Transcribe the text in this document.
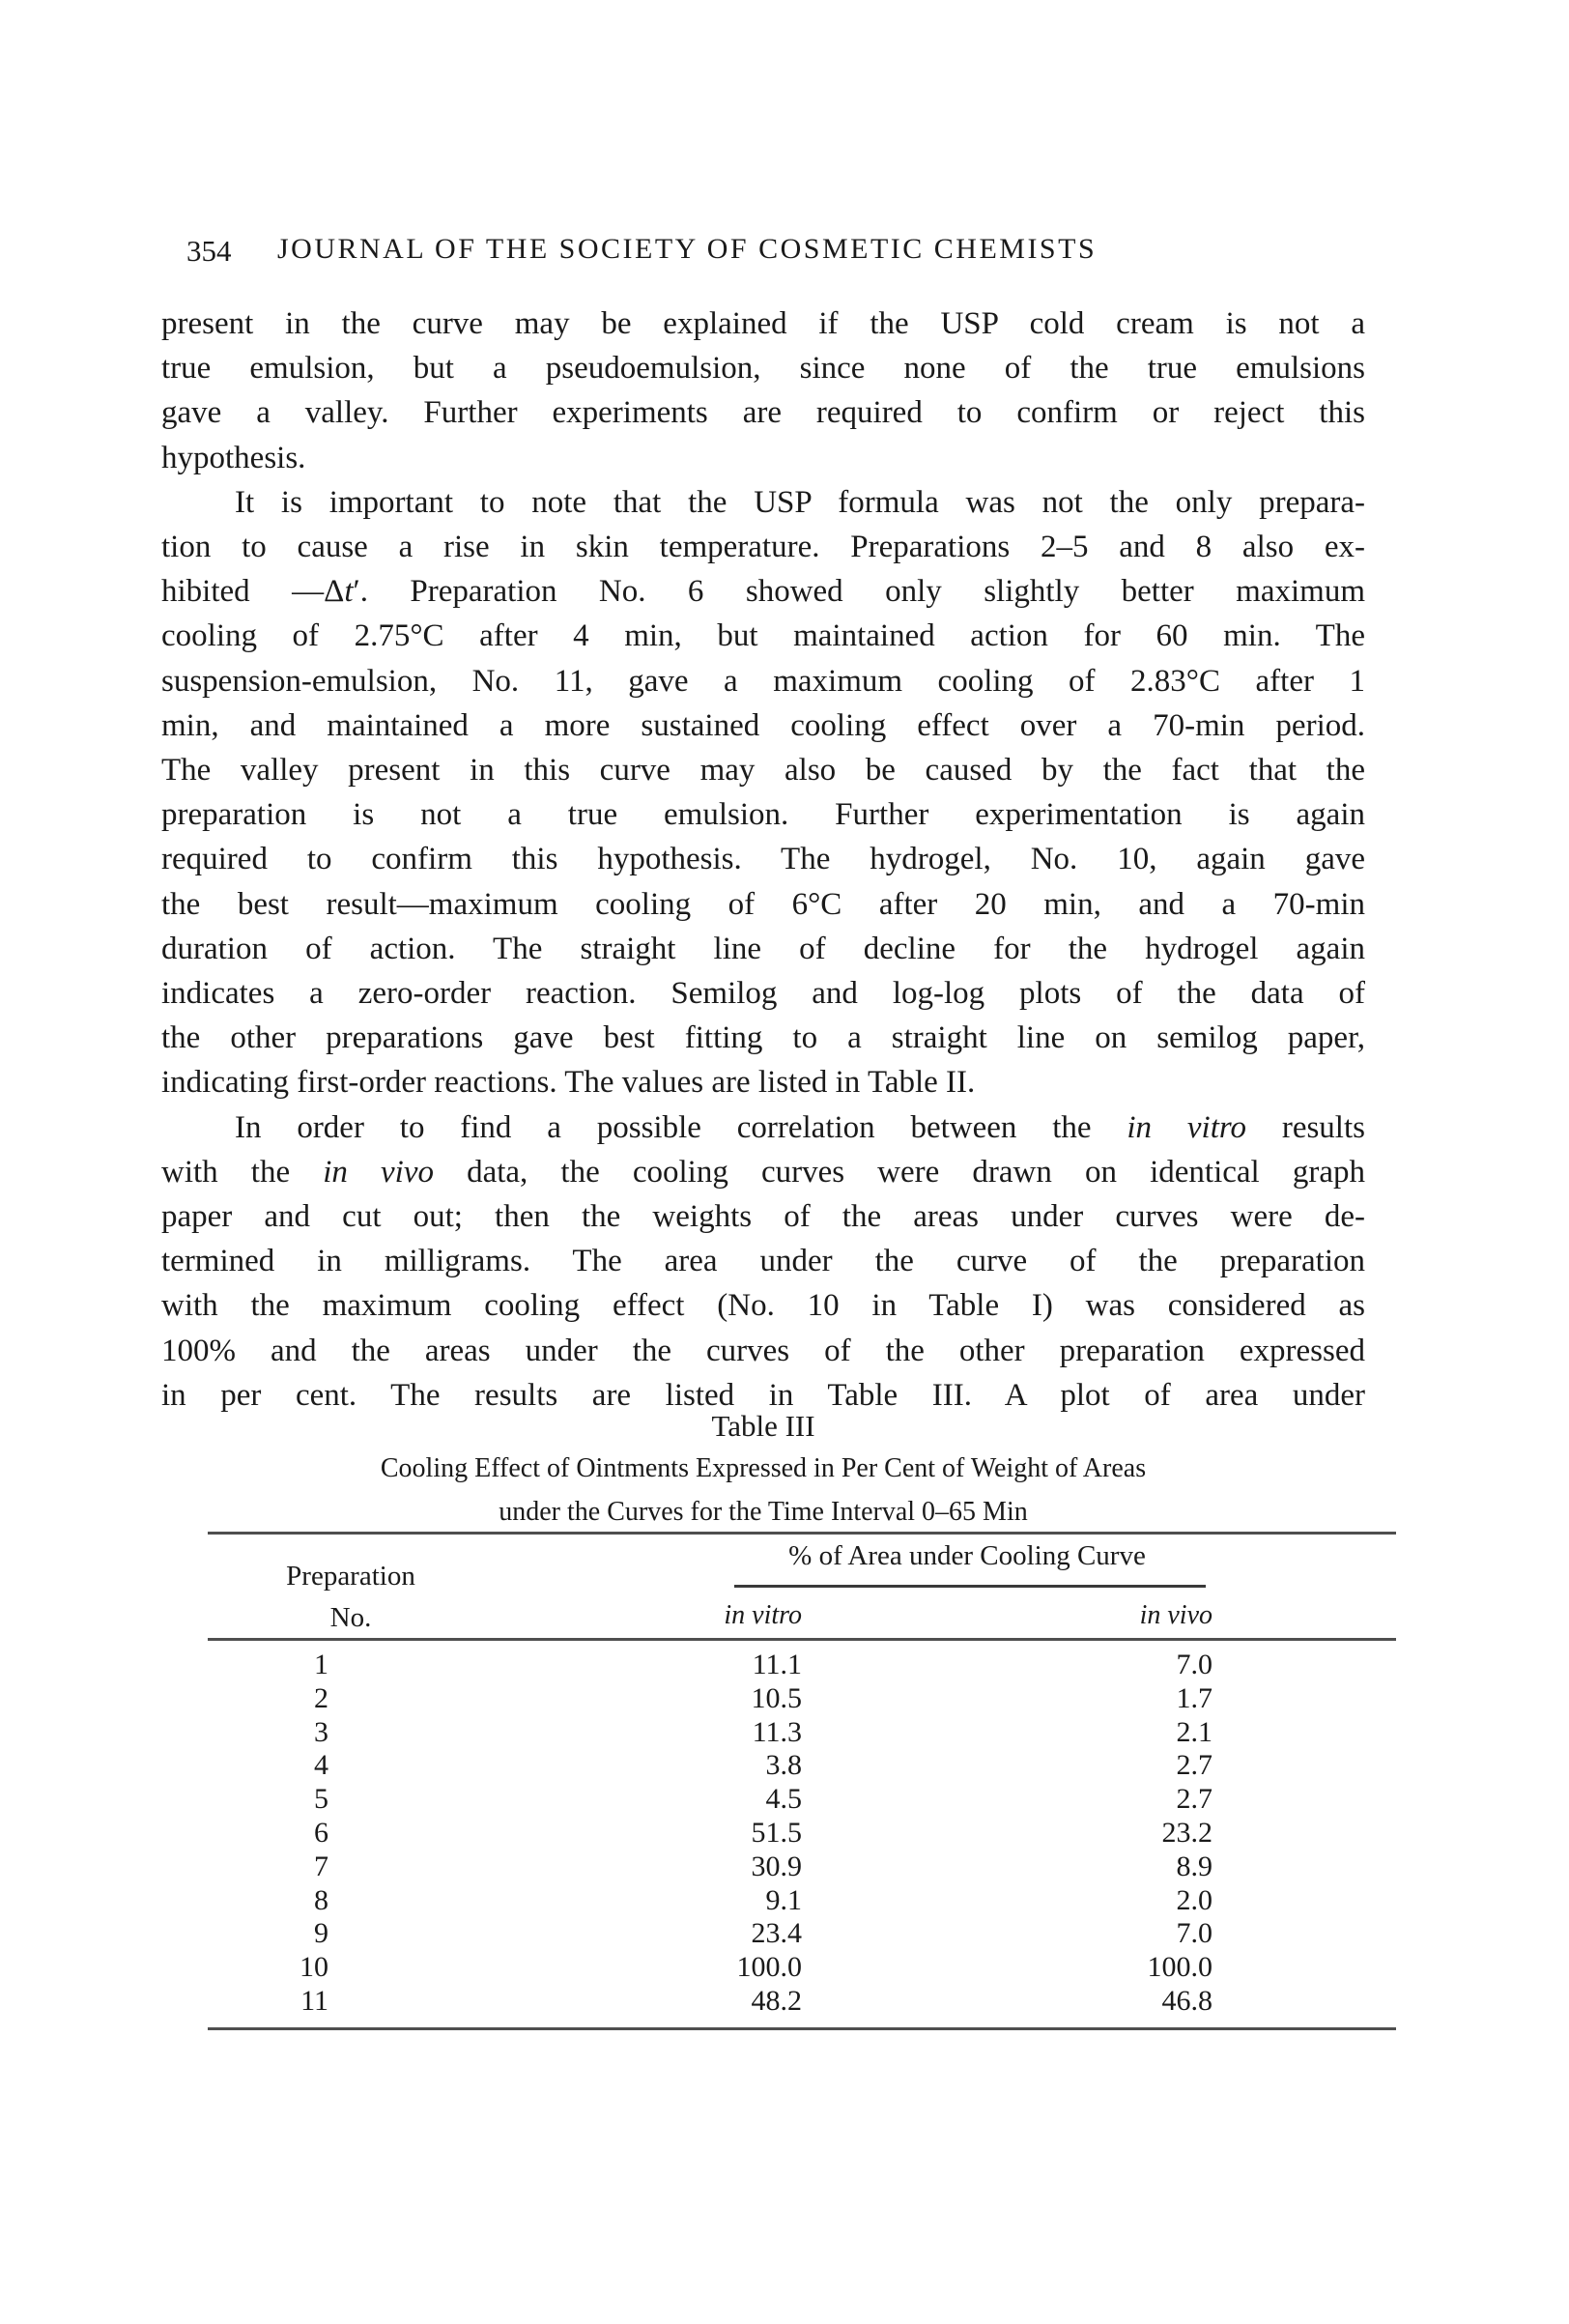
354 JOURNAL OF THE SOCIETY OF COSMETIC CHEMISTS
present in the curve may be explained if the USP cold cream is not a
true emulsion, but a pseudoemulsion, since none of the true emulsions
gave a valley. Further experiments are required to confirm or reject this
hypothesis.
It is important to note that the USP formula was not the only prepara-
tion to cause a rise in skin temperature. Preparations 2–5 and 8 also ex-
hibited —Δt′. Preparation No. 6 showed only slightly better maximum
cooling of 2.75°C after 4 min, but maintained action for 60 min. The
suspension-emulsion, No. 11, gave a maximum cooling of 2.83°C after 1
min, and maintained a more sustained cooling effect over a 70-min period.
The valley present in this curve may also be caused by the fact that the
preparation is not a true emulsion. Further experimentation is again
required to confirm this hypothesis. The hydrogel, No. 10, again gave
the best result—maximum cooling of 6°C after 20 min, and a 70-min
duration of action. The straight line of decline for the hydrogel again
indicates a zero-order reaction. Semilog and log-log plots of the data of
the other preparations gave best fitting to a straight line on semilog paper,
indicating first-order reactions. The values are listed in Table II.
In order to find a possible correlation between the in vitro results
with the in vivo data, the cooling curves were drawn on identical graph
paper and cut out; then the weights of the areas under curves were de-
termined in milligrams. The area under the curve of the preparation
with the maximum cooling effect (No. 10 in Table I) was considered as
100% and the areas under the curves of the other preparation expressed
in per cent. The results are listed in Table III. A plot of area under
Table III
Cooling Effect of Ointments Expressed in Per Cent of Weight of Areas
under the Curves for the Time Interval 0–65 Min
% of Area under Cooling Curve
Preparation
No.	in vitro	in vivo
1	11.1	7.0
2	10.5	1.7
3	11.3	2.1
4	3.8	2.7
5	4.5	2.7
6	51.5	23.2
7	30.9	8.9
8	9.1	2.0
9	23.4	7.0
10	100.0	100.0
11	48.2	46.8
